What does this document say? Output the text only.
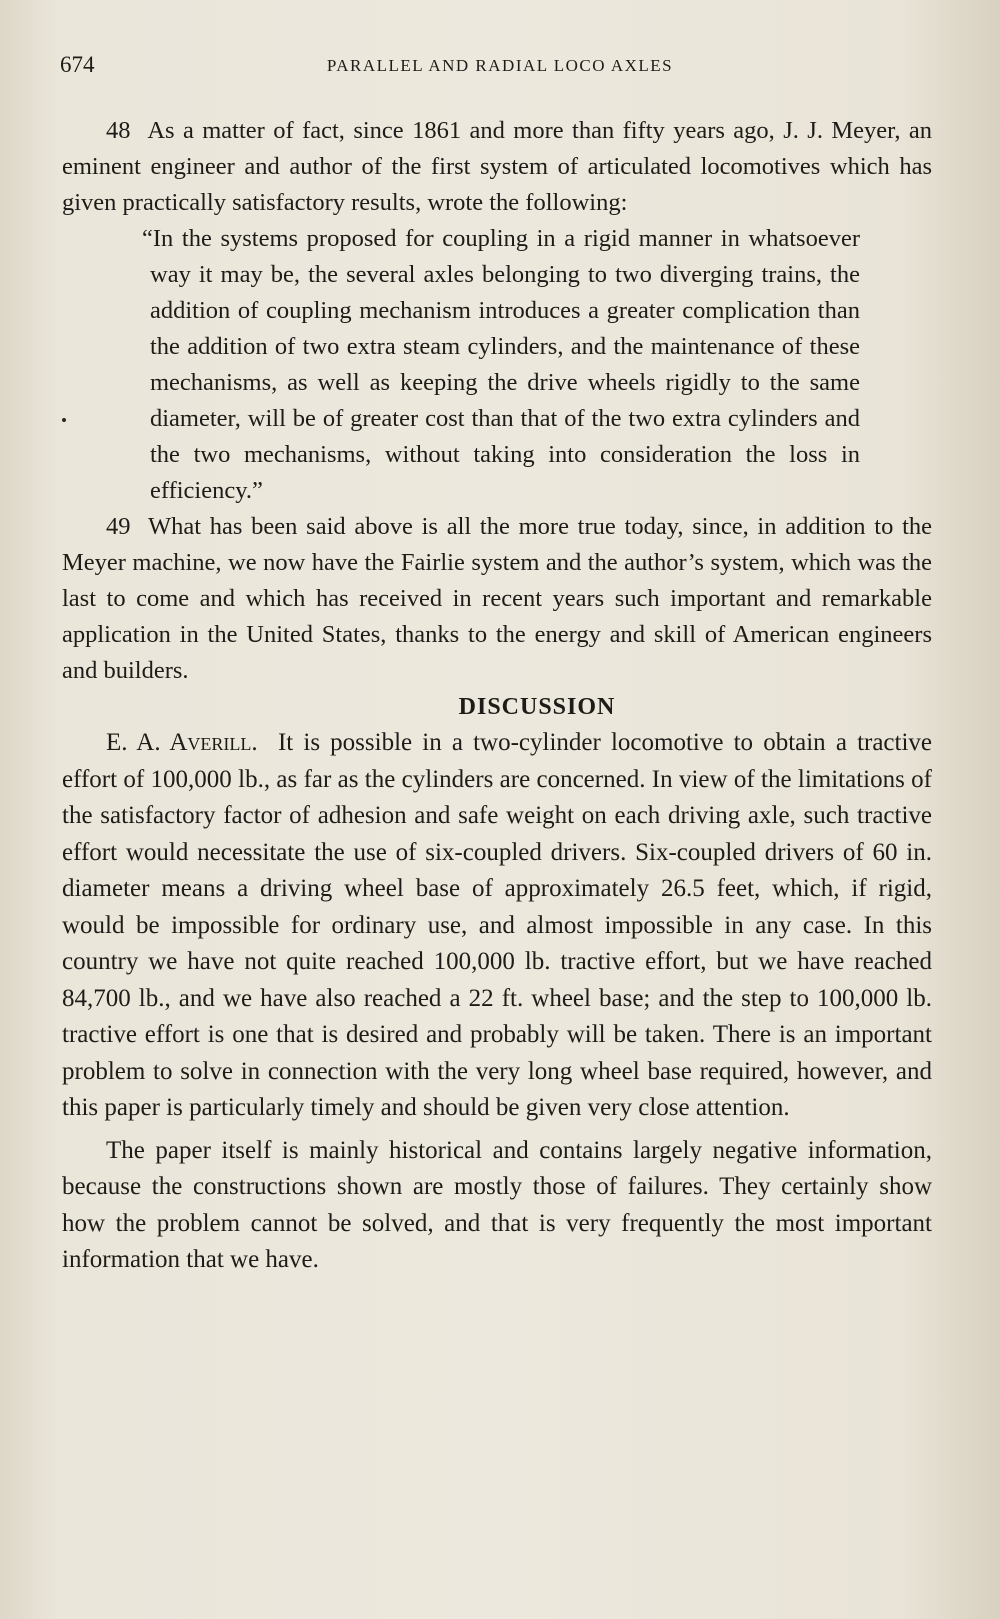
674	PARALLEL AND RADIAL LOCO AXLES

48 As a matter of fact, since 1861 and more than fifty years ago, J. J. Meyer, an eminent engineer and author of the first system of articulated locomotives which has given practically satisfactory results, wrote the following:

“In the systems proposed for coupling in a rigid manner in whatsoever way it may be, the several axles belonging to two diverging trains, the addition of coupling mechanism introduces a greater complication than the addition of two extra steam cylinders, and the maintenance of these mechanisms, as well as keeping the drive wheels rigidly to the same diameter, will be of greater cost than that of the two extra cylinders and the two mechanisms, without taking into consideration the loss in efficiency.”

49 What has been said above is all the more true today, since, in addition to the Meyer machine, we now have the Fairlie system and the author’s system, which was the last to come and which has received in recent years such important and remarkable application in the United States, thanks to the energy and skill of American engineers and builders.

DISCUSSION

E. A. Averill. It is possible in a two-cylinder locomotive to obtain a tractive effort of 100,000 lb., as far as the cylinders are concerned. In view of the limitations of the satisfactory factor of adhesion and safe weight on each driving axle, such tractive effort would necessitate the use of six-coupled drivers. Six-coupled drivers of 60 in. diameter means a driving wheel base of approximately 26.5 feet, which, if rigid, would be impossible for ordinary use, and almost impossible in any case. In this country we have not quite reached 100,000 lb. tractive effort, but we have reached 84,700 lb., and we have also reached a 22 ft. wheel base; and the step to 100,000 lb. tractive effort is one that is desired and probably will be taken. There is an important problem to solve in connection with the very long wheel base required, however, and this paper is particularly timely and should be given very close attention.

The paper itself is mainly historical and contains largely negative information, because the constructions shown are mostly those of failures. They certainly show how the problem cannot be solved, and that is very frequently the most important information that we have.
